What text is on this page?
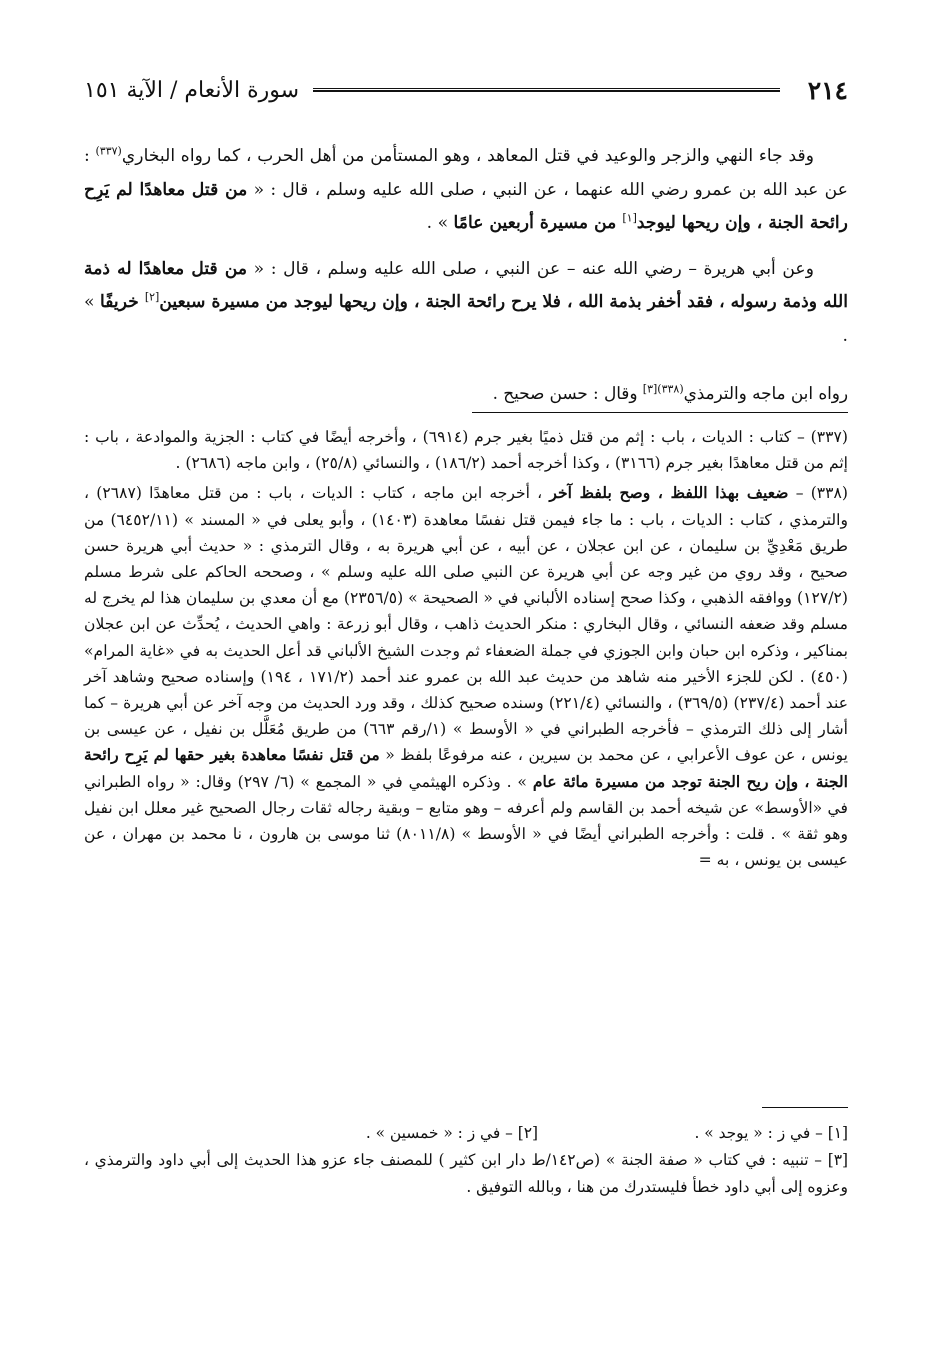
٢١٤
سورة الأنعام / الآية ١٥١

وقد جاء النهي والزجر والوعيد في قتل المعاهد ، وهو المستأمن من أهل الحرب ، كما رواه البخاري$^{(٣٣٧)}$ : عن عبد الله بن عمرو رضي الله عنهما ، عن النبي ، صلى الله عليه وسلم ، قال : « من قتل معاهدًا لم يَرِح رائحة الجنة ، وإن ريحها ليوجد[١] من مسيرة أربعين عامًا » .

وعن أبي هريرة – رضي الله عنه – عن النبي ، صلى الله عليه وسلم ، قال : « من قتل معاهدًا له ذمة الله وذمة رسوله ، فقد أخفر بذمة الله ، فلا يرح رائحة الجنة ، وإن ريحها ليوجد من مسيرة سبعين[٢] خريفًا » .

رواه ابن ماجه والترمذي$^{(٣٣٨)[٣]}$ وقال : حسن صحيح .

(٣٣٧) – كتاب : الديات ، باب : إثم من قتل ذميًا بغير جرم (٦٩١٤) ، وأخرجه أيضًا في كتاب : الجزية والموادعة ، باب : إثم من قتل معاهدًا بغير جرم (٣١٦٦) ، وكذا أخرجه أحمد (١٨٦/٢) ، والنسائي (٢٥/٨) ، وابن ماجه (٢٦٨٦) .

(٣٣٨) – ضعيف بهذا اللفظ ، وصح بلفظ آخر ، أخرجه ابن ماجه ، كتاب : الديات ، باب : من قتل معاهدًا (٢٦٨٧) ، والترمذي ، كتاب : الديات ، باب : ما جاء فيمن قتل نفسًا معاهدة (١٤٠٣) ، وأبو يعلى في « المسند » (٦٤٥٢/١١) من طريق مَعْدِيِّ بن سليمان ، عن ابن عجلان ، عن أبيه ، عن أبي هريرة به ، وقال الترمذي : « حديث أبي هريرة حسن صحيح ، وقد روي من غير وجه عن أبي هريرة عن النبي صلى الله عليه وسلم » ، وصححه الحاكم على شرط مسلم (١٢٧/٢) ووافقه الذهبي ، وكذا صحح إسناده الألباني في « الصحيحة » (٢٣٥٦/٥) مع أن معدي بن سليمان هذا لم يخرج له مسلم وقد ضعفه النسائي ، وقال البخاري : منكر الحديث ذاهب ، وقال أبو زرعة : واهي الحديث ، يُحدِّث عن ابن عجلان بمناكير ، وذكره ابن حبان وابن الجوزي في جملة الضعفاء ثم وجدت الشيخ الألباني قد أعل الحديث به في «غاية المرام» (٤٥٠) . لكن للجزء الأخير منه شاهد من حديث عبد الله بن عمرو عند أحمد (١٧١/٢ ، ١٩٤) وإسناده صحيح وشاهد آخر عند أحمد (٢٣٧/٤) (٣٦٩/٥) ، والنسائي (٢٢١/٤) وسنده صحيح كذلك ، وقد ورد الحديث من وجه آخر عن أبي هريرة – كما أشار إلى ذلك الترمذي – فأخرجه الطبراني في « الأوسط » (١/رقم ٦٦٣) من طريق مُعَلَّل بن نفيل ، عن عيسى بن يونس ، عن عوف الأعرابي ، عن محمد بن سيرين ، عنه مرفوعًا بلفظ « من قتل نفسًا معاهدة بغير حقها لم يَرِح رائحة الجنة ، وإن ريح الجنة توجد من مسيرة مائة عام » . وذكره الهيثمي في « المجمع » (٦/ ٢٩٧) وقال: « رواه الطبراني في «الأوسط» عن شيخه أحمد بن القاسم ولم أعرفه – وهو متابع – وبقية رجاله ثقات رجال الصحيح غير معلل ابن نفيل وهو ثقة » . قلت : وأخرجه الطبراني أيضًا في « الأوسط » (٨٠١١/٨) ثنا موسى بن هارون ، نا محمد بن مهران ، عن عيسى بن يونس ، به =

[١] – في ز : « يوجد » .[٢] – في ز : « خمسين » .

[٣] – تنبيه : في كتاب « صفة الجنة » (ص١٤٢/ط دار ابن كثير ) للمصنف جاء عزو هذا الحديث إلى أبي داود والترمذي ، وعزوه إلى أبي داود خطأ فليستدرك من هنا ، وبالله التوفيق .
